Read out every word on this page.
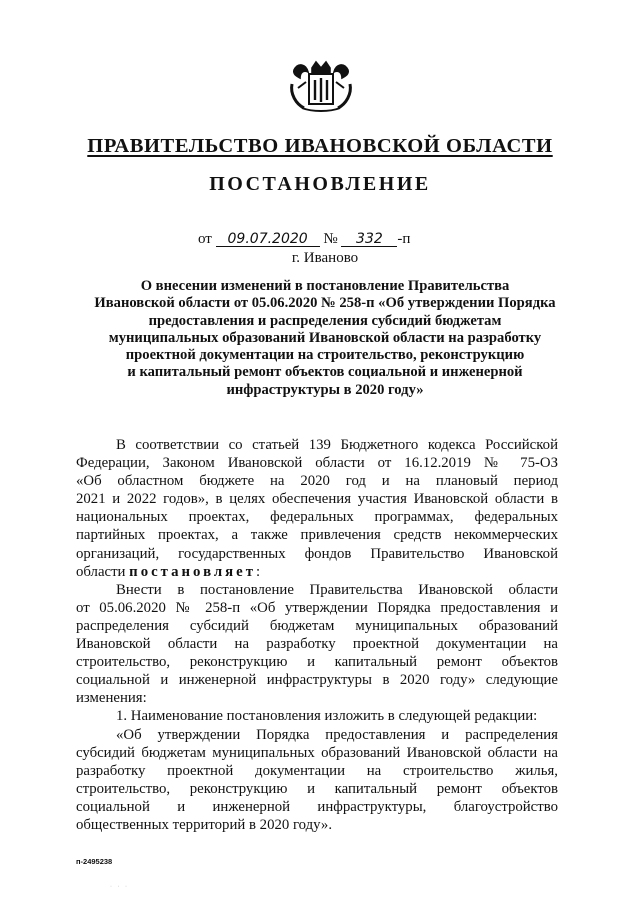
ПРАВИТЕЛЬСТВО ИВАНОВСКОЙ ОБЛАСТИ
ПОСТАНОВЛЕНИЕ
от 09.07.2020 № 332 -п
г. Иваново
О внесении изменений в постановление Правительства
Ивановской области от 05.06.2020 № 258-п «Об утверждении Порядка
предоставления и распределения субсидий бюджетам
муниципальных образований Ивановской области на разработку
проектной документации на строительство, реконструкцию
и капитальный ремонт объектов социальной и инженерной
инфраструктуры в 2020 году»
В соответствии со статьей 139 Бюджетного кодекса Российской
Федерации, Законом Ивановской области от 16.12.2019 № 75-ОЗ
«Об областном бюджете на 2020 год и на плановый период
2021 и 2022 годов», в целях обеспечения участия Ивановской области в
национальных проектах, федеральных программах, федеральных
партийных проектах, а также привлечения средств некоммерческих
организаций, государственных фондов Правительство Ивановской
области постановляет:
Внести в постановление Правительства Ивановской области
от 05.06.2020 № 258-п «Об утверждении Порядка предоставления и
распределения субсидий бюджетам муниципальных образований
Ивановской области на разработку проектной документации на
строительство, реконструкцию и капитальный ремонт объектов
социальной и инженерной инфраструктуры в 2020 году» следующие
изменения:
1. Наименование постановления изложить в следующей редакции:
«Об утверждении Порядка предоставления и распределения
субсидий бюджетам муниципальных образований Ивановской области на
разработку проектной документации на строительство жилья,
строительство, реконструкцию и капитальный ремонт объектов
социальной и инженерной инфраструктуры, благоустройство
общественных территорий в 2020 году».
п-2495238
· · ·
